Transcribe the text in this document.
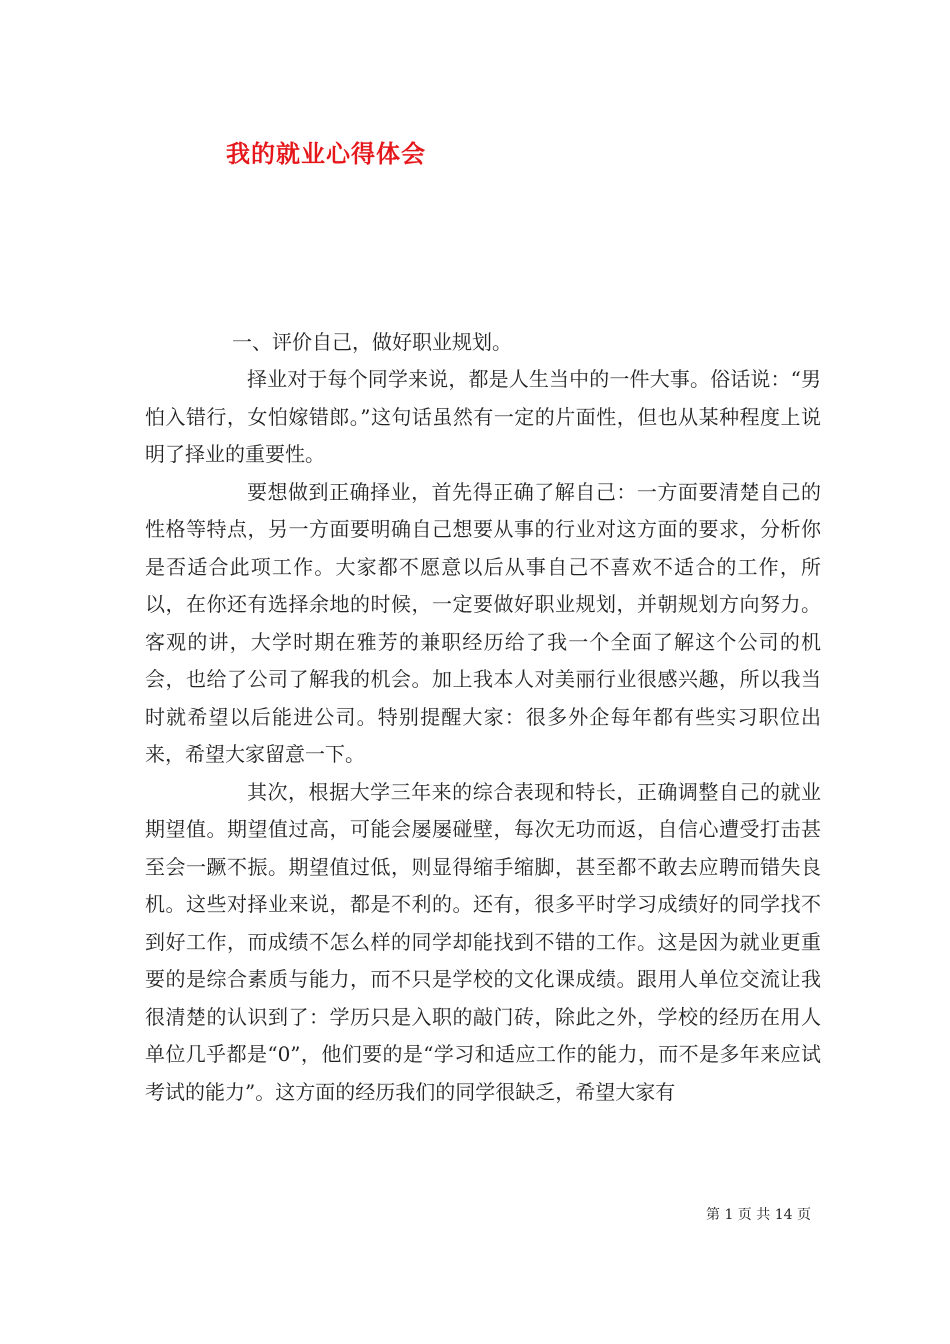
我的就业心得体会

一、评价自己，做好职业规划。

择业对于每个同学来说，都是人生当中的一件大事。俗话说：“男怕入错行，女怕嫁错郎。”这句话虽然有一定的片面性，但也从某种程度上说明了择业的重要性。

要想做到正确择业，首先得正确了解自己：一方面要清楚自己的性格等特点，另一方面要明确自己想要从事的行业对这方面的要求，分析你是否适合此项工作。大家都不愿意以后从事自己不喜欢不适合的工作，所以，在你还有选择余地的时候，一定要做好职业规划，并朝规划方向努力。客观的讲，大学时期在雅芳的兼职经历给了我一个全面了解这个公司的机会，也给了公司了解我的机会。加上我本人对美丽行业很感兴趣，所以我当时就希望以后能进公司。特别提醒大家：很多外企每年都有些实习职位出来，希望大家留意一下。

其次，根据大学三年来的综合表现和特长，正确调整自己的就业期望值。期望值过高，可能会屡屡碰壁，每次无功而返，自信心遭受打击甚至会一蹶不振。期望值过低，则显得缩手缩脚，甚至都不敢去应聘而错失良机。这些对择业来说，都是不利的。还有，很多平时学习成绩好的同学找不到好工作，而成绩不怎么样的同学却能找到不错的工作。这是因为就业更重要的是综合素质与能力，而不只是学校的文化课成绩。跟用人单位交流让我很清楚的认识到了：学历只是入职的敲门砖，除此之外，学校的经历在用人单位几乎都是“0”，他们要的是“学习和适应工作的能力，而不是多年来应试考试的能力”。这方面的经历我们的同学很缺乏，希望大家有

第 1 页 共 14 页
